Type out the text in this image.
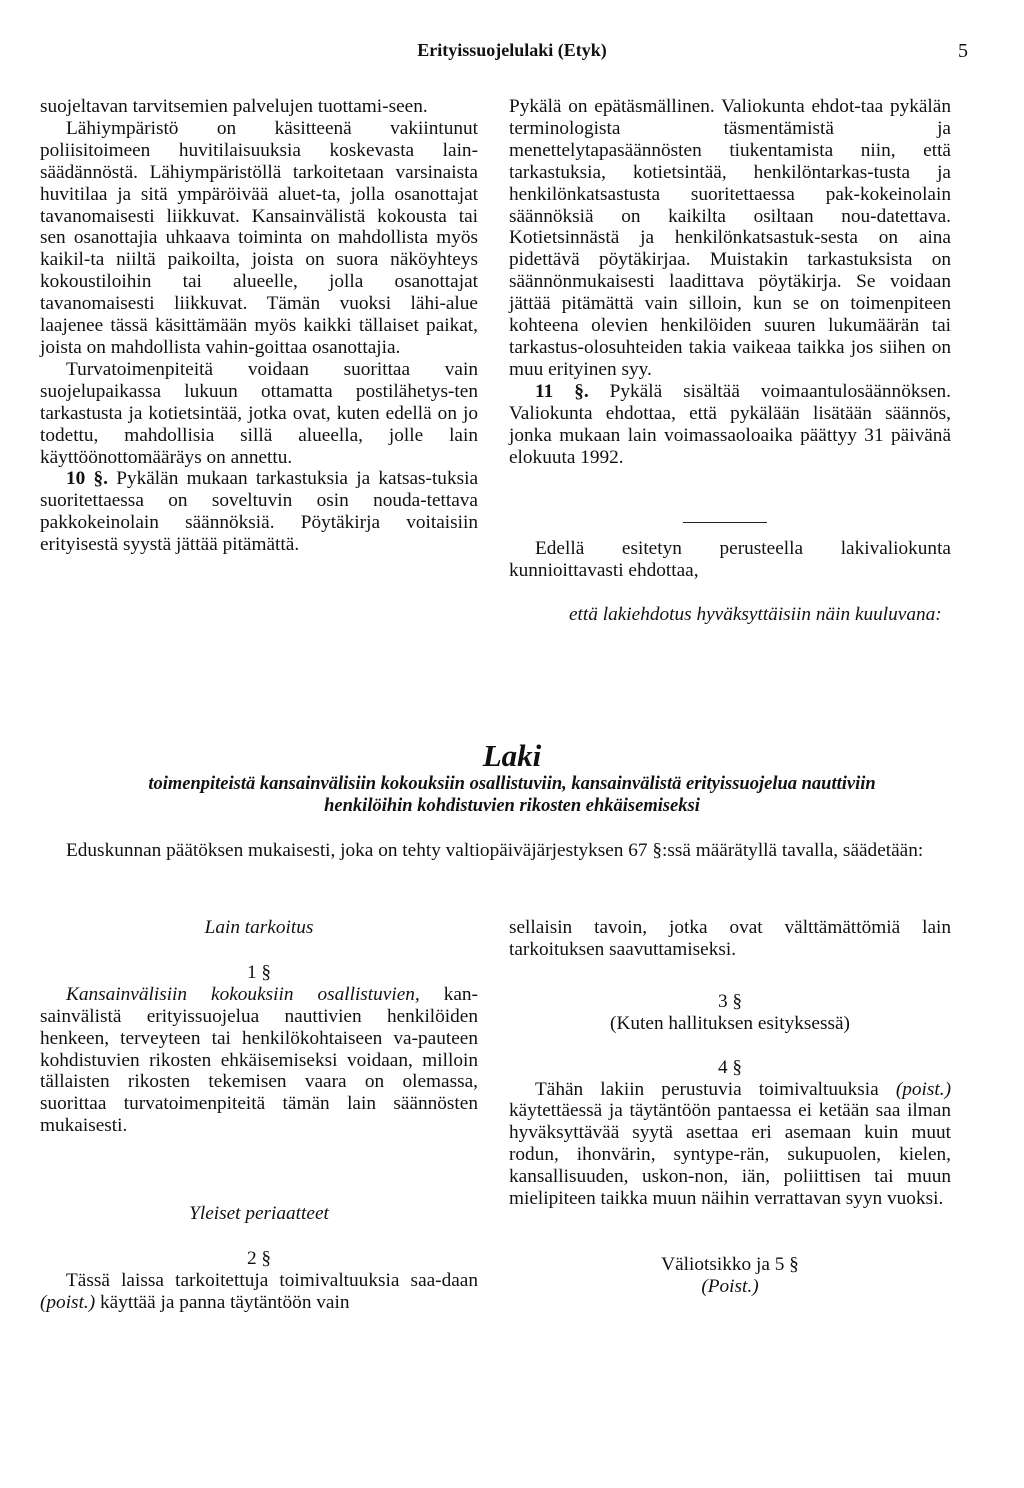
Erityissuojelulaki (Etyk)	5

suojeltavan tarvitsemien palvelujen tuottami-​seen.

Lähiympäristö on käsitteenä vakiintunut poliisitoimeen huvitilaisuuksia koskevasta lain-​säädännöstä. Lähiympäristöllä tarkoitetaan varsinaista huvitilaa ja sitä ympäröivää aluet-​ta, jolla osanottajat tavanomaisesti liikkuvat. Kansainvälistä kokousta tai sen osanottajia uhkaava toiminta on mahdollista myös kaikil-​ta niiltä paikoilta, joista on suora näköyhteys kokoustiloihin tai alueelle, jolla osanottajat tavanomaisesti liikkuvat. Tämän vuoksi lähi-​alue laajenee tässä käsittämään myös kaikki tällaiset paikat, joista on mahdollista vahin-​goittaa osanottajia.

Turvatoimenpiteitä voidaan suorittaa vain suojelupaikassa lukuun ottamatta postilähetys-​ten tarkastusta ja kotietsintää, jotka ovat, kuten edellä on jo todettu, mahdollisia sillä alueella, jolle lain käyttöönottomääräys on annettu.

10 §. Pykälän mukaan tarkastuksia ja katsas-​tuksia suoritettaessa on soveltuvin osin nouda-​tettava pakkokeinolain säännöksiä. Pöytäkirja voitaisiin erityisestä syystä jättää pitämättä.

Pykälä on epätäsmällinen. Valiokunta ehdot-​taa pykälän terminologista täsmentämistä ja menettelytapasäännösten tiukentamista niin, että tarkastuksia, kotietsintää, henkilöntarkas-​tusta ja henkilönkatsastusta suoritettaessa pak-​kokeinolain säännöksiä on kaikilta osiltaan nou-​datettava. Kotietsinnästä ja henkilönkatsastuk-​sesta on aina pidettävä pöytäkirjaa. Muistakin tarkastuksista on säännönmukaisesti laadittava pöytäkirja. Se voidaan jättää pitämättä vain silloin, kun se on toimenpiteen kohteena olevien henkilöiden suuren lukumäärän tai tarkastus-​olosuhteiden takia vaikeaa taikka jos siihen on muu erityinen syy.

11 §. Pykälä sisältää voimaantulosäännöksen. Valiokunta ehdottaa, että pykälään lisätään säännös, jonka mukaan lain voimassaoloaika päättyy 31 päivänä elokuuta 1992.

Edellä esitetyn perusteella lakivaliokunta kunnioittavasti ehdottaa,

että lakiehdotus hyväksyttäisiin näin kuuluvana:

Laki
toimenpiteistä kansainvälisiin kokouksiin osallistuviin, kansainvälistä erityissuojelua nauttiviin
henkilöihin kohdistuvien rikosten ehkäisemiseksi

Eduskunnan päätöksen mukaisesti, joka on tehty valtiopäiväjärjestyksen 67 §:ssä määrätyllä tavalla, säädetään:

Lain tarkoitus

1 §

Kansainvälisiin kokouksiin osallistuvien, kan-​sainvälistä erityissuojelua nauttivien henkilöiden henkeen, terveyteen tai henkilökohtaiseen va-​pauteen kohdistuvien rikosten ehkäisemiseksi voidaan, milloin tällaisten rikosten tekemisen vaara on olemassa, suorittaa turvatoimenpiteitä tämän lain säännösten mukaisesti.

Yleiset periaatteet

2 §

Tässä laissa tarkoitettuja toimivaltuuksia saa-​daan (poist.) käyttää ja panna täytäntöön vain

sellaisin tavoin, jotka ovat välttämättömiä lain tarkoituksen saavuttamiseksi.

3 §

(Kuten hallituksen esityksessä)

4 §

Tähän lakiin perustuvia toimivaltuuksia (poist.) käytettäessä ja täytäntöön pantaessa ei ketään saa ilman hyväksyttävää syytä asettaa eri asemaan kuin muut rodun, ihonvärin, syntype-​rän, sukupuolen, kielen, kansallisuuden, uskon-​non, iän, poliittisen tai muun mielipiteen taikka muun näihin verrattavan syyn vuoksi.

Väliotsikko ja 5 §

(Poist.)
